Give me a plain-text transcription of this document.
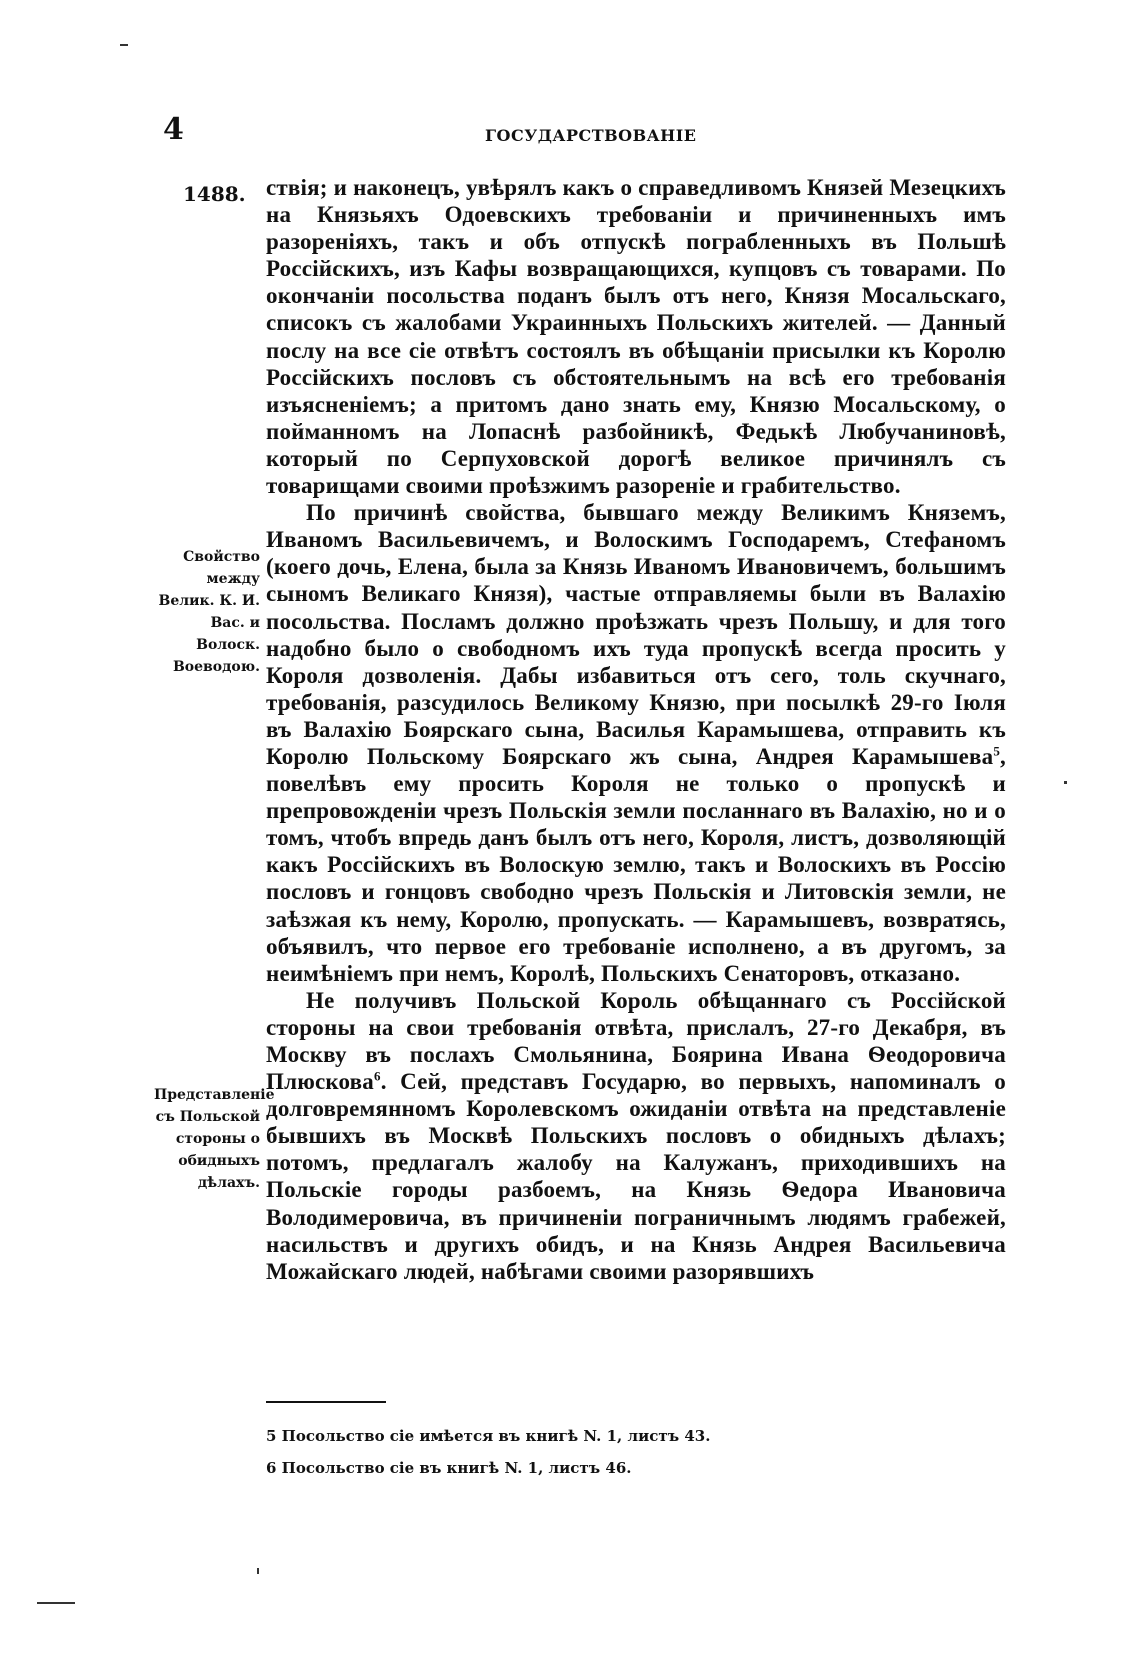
4	ГОСУДАРСТВОВАНІЕ
1488.
Свойство между Велик. К. И. Вас. и Волоск. Воеводою.
Представленіе съ Польской стороны о обидныхъ дѣлахъ.

ствія; и наконецъ, увѣрялъ какъ о справедливомъ Князей Мезецкихъ на Князьяхъ Одоевскихъ требованіи и причиненныхъ имъ разореніяхъ, такъ и объ отпускѣ пограбленныхъ въ Польшѣ Россійскихъ, изъ Кафы возвращающихся, купцовъ съ товарами. По окончаніи посольства поданъ былъ отъ него, Князя Мосальскаго, списокъ съ жалобами Украинныхъ Польскихъ жителей. — Данный послу на все сіе отвѣтъ состоялъ въ обѣщаніи присылки къ Королю Россійскихъ пословъ съ обстоятельнымъ на всѣ его требованія изъясненіемъ; а притомъ дано знать ему, Князю Мосальскому, о пойманномъ на Лопаснѣ разбойникѣ, Федькѣ Любучаниновѣ, который по Серпуховской дорогѣ великое причинялъ съ товарищами своими проѣзжимъ разореніе и грабительство.

По причинѣ свойства, бывшаго между Великимъ Княземъ, Иваномъ Васильевичемъ, и Волоскимъ Господаремъ, Стефаномъ (коего дочь, Елена, была за Князь Иваномъ Ивановичемъ, большимъ сыномъ Великаго Князя), частые отправляемы были въ Валахію посольства. Посламъ должно проѣзжать чрезъ Польшу, и для того надобно было о свободномъ ихъ туда пропускѣ всегда просить у Короля дозволенія. Дабы избавиться отъ сего, толь скучнаго, требованія, разсудилось Великому Князю, при посылкѣ 29-го Іюля въ Валахію Боярскаго сына, Василья Карамышева, отправить къ Королю Польскому Боярскаго жъ сына, Андрея Карамышева$^5$, повелѣвъ ему просить Короля не только о пропускѣ и препровожденіи чрезъ Польскія земли посланнаго въ Валахію, но и о томъ, чтобъ впредь данъ былъ отъ него, Короля, листъ, дозволяющій какъ Россійскихъ въ Волоскую землю, такъ и Волоскихъ въ Россію пословъ и гонцовъ свободно чрезъ Польскія и Литовскія земли, не заѣзжая къ нему, Королю, пропускать. — Карамышевъ, возвратясь, объявилъ, что первое его требованіе исполнено, а въ другомъ, за неимѣніемъ при немъ, Королѣ, Польскихъ Сенаторовъ, отказано.

Не получивъ Польской Король обѣщаннаго съ Россійской стороны на свои требованія отвѣта, прислалъ, 27-го Декабря, въ Москву въ послахъ Смольянина, Боярина Ивана Ѳеодоровича Плюскова$^6$. Сей, представъ Государю, во первыхъ, напоминалъ о долговремянномъ Королевскомъ ожиданіи отвѣта на представленіе бывшихъ въ Москвѣ Польскихъ пословъ о обидныхъ дѣлахъ; потомъ, предлагалъ жалобу на Калужанъ, приходившихъ на Польскіе городы разбоемъ, на Князь Ѳедора Ивановича Володимеровича, въ причиненіи пограничнымъ людямъ грабежей, насильствъ и другихъ обидъ, и на Князь Андрея Васильевича Можайскаго людей, набѣгами своими разорявшихъ

5 Посольство сіе имѣется въ книгѣ N. 1, листъ 43.
6 Посольство сіе въ книгѣ N. 1, листъ 46.
